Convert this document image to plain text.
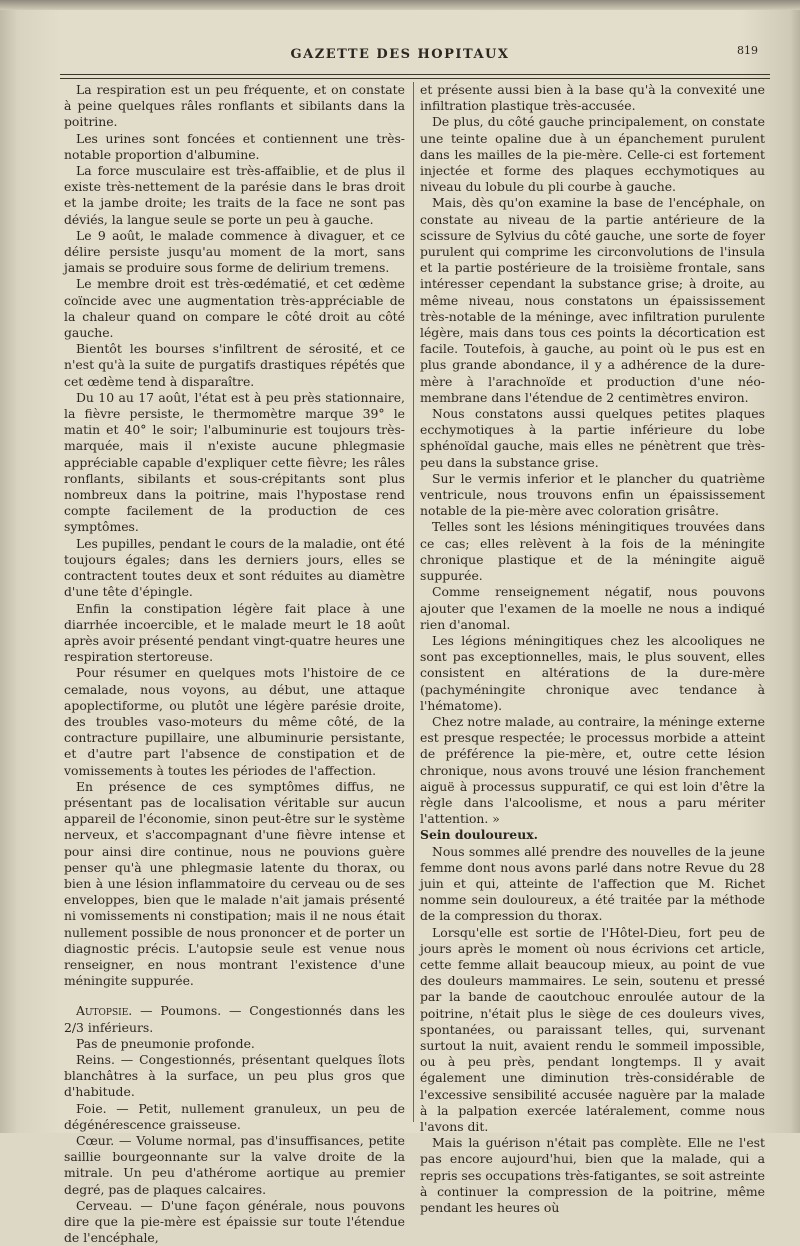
GAZETTE DES HOPITAUX	819

La respiration est un peu fréquente, et on constate à peine quelques râles ronflants et sibilants dans la poitrine.

Les urines sont foncées et contiennent une très-notable proportion d'albumine.

La force musculaire est très-affaiblie, et de plus il existe très-nettement de la parésie dans le bras droit et la jambe droite; les traits de la face ne sont pas déviés, la langue seule se porte un peu à gauche.

Le 9 août, le malade commence à divaguer, et ce délire persiste jusqu'au moment de la mort, sans jamais se produire sous forme de delirium tremens.

Le membre droit est très-œdématié, et cet œdème coïncide avec une augmentation très-appréciable de la chaleur quand on compare le côté droit au côté gauche.

Bientôt les bourses s'infiltrent de sérosité, et ce n'est qu'à la suite de purgatifs drastiques répétés que cet œdème tend à disparaître.

Du 10 au 17 août, l'état est à peu près stationnaire, la fièvre persiste, le thermomètre marque 39° le matin et 40° le soir; l'albuminurie est toujours très-marquée, mais il n'existe aucune phlegmasie appréciable capable d'expliquer cette fièvre; les râles ronflants, sibilants et sous-crépitants sont plus nombreux dans la poitrine, mais l'hypostase rend compte facilement de la production de ces symptômes.

Les pupilles, pendant le cours de la maladie, ont été toujours égales; dans les derniers jours, elles se contractent toutes deux et sont réduites au diamètre d'une tête d'épingle.

Enfin la constipation légère fait place à une diarrhée incoercible, et le malade meurt le 18 août après avoir présenté pendant vingt-quatre heures une respiration stertoreuse.

Pour résumer en quelques mots l'histoire de ce cemalade, nous voyons, au début, une attaque apoplectiforme, ou plutôt une légère parésie droite, des troubles vaso-moteurs du même côté, de la contracture pupillaire, une albuminurie persistante, et d'autre part l'absence de constipation et de vomissements à toutes les périodes de l'affection.

En présence de ces symptômes diffus, ne présentant pas de localisation véritable sur aucun appareil de l'économie, sinon peut-être sur le système nerveux, et s'accompagnant d'une fièvre intense et pour ainsi dire continue, nous ne pouvions guère penser qu'à une phlegmasie latente du thorax, ou bien à une lésion inflammatoire du cerveau ou de ses enveloppes, bien que le malade n'ait jamais présenté ni vomissements ni constipation; mais il ne nous était nullement possible de nous prononcer et de porter un diagnostic précis. L'autopsie seule est venue nous renseigner, en nous montrant l'existence d'une méningite suppurée.

Autopsie. — Poumons. — Congestionnés dans les 2/3 inférieurs.

Pas de pneumonie profonde.

Reins. — Congestionnés, présentant quelques îlots blanchâtres à la surface, un peu plus gros que d'habitude.

Foie. — Petit, nullement granuleux, un peu de dégénérescence graisseuse.

Cœur. — Volume normal, pas d'insuffisances, petite saillie bourgeonnante sur la valve droite de la mitrale. Un peu d'athérome aortique au premier degré, pas de plaques calcaires.

Cerveau. — D'une façon générale, nous pouvons dire que la pie-mère est épaissie sur toute l'étendue de l'encéphale,

et présente aussi bien à la base qu'à la convexité une infiltration plastique très-accusée.

De plus, du côté gauche principalement, on constate une teinte opaline due à un épanchement purulent dans les mailles de la pie-mère. Celle-ci est fortement injectée et forme des plaques ecchymotiques au niveau du lobule du pli courbe à gauche.

Mais, dès qu'on examine la base de l'encéphale, on constate au niveau de la partie antérieure de la scissure de Sylvius du côté gauche, une sorte de foyer purulent qui comprime les circonvolutions de l'insula et la partie postérieure de la troisième frontale, sans intéresser cependant la substance grise; à droite, au même niveau, nous constatons un épaississement très-notable de la méninge, avec infiltration purulente légère, mais dans tous ces points la décortication est facile. Toutefois, à gauche, au point où le pus est en plus grande abondance, il y a adhérence de la dure-mère à l'arachnoïde et production d'une néo-membrane dans l'étendue de 2 centimètres environ.

Nous constatons aussi quelques petites plaques ecchymotiques à la partie inférieure du lobe sphénoïdal gauche, mais elles ne pénètrent que très-peu dans la substance grise.

Sur le vermis inferior et le plancher du quatrième ventricule, nous trouvons enfin un épaississement notable de la pie-mère avec coloration grisâtre.

Telles sont les lésions méningitiques trouvées dans ce cas; elles relèvent à la fois de la méningite chronique plastique et de la méningite aiguë suppurée.

Comme renseignement négatif, nous pouvons ajouter que l'examen de la moelle ne nous a indiqué rien d'anomal.

Les légions méningitiques chez les alcooliques ne sont pas exceptionnelles, mais, le plus souvent, elles consistent en altérations de la dure-mère (pachyméningite chronique avec tendance à l'hématome).

Chez notre malade, au contraire, la méninge externe est presque respectée; le processus morbide a atteint de préférence la pie-mère, et, outre cette lésion chronique, nous avons trouvé une lésion franchement aiguë à processus suppuratif, ce qui est loin d'être la règle dans l'alcoolisme, et nous a paru mériter l'attention. »

Sein douloureux.

Nous sommes allé prendre des nouvelles de la jeune femme dont nous avons parlé dans notre Revue du 28 juin et qui, atteinte de l'affection que M. Richet nomme sein douloureux, a été traitée par la méthode de la compression du thorax.

Lorsqu'elle est sortie de l'Hôtel-Dieu, fort peu de jours après le moment où nous écrivions cet article, cette femme allait beaucoup mieux, au point de vue des douleurs mammaires. Le sein, soutenu et pressé par la bande de caoutchouc enroulée autour de la poitrine, n'était plus le siège de ces douleurs vives, spontanées, ou paraissant telles, qui, survenant surtout la nuit, avaient rendu le sommeil impossible, ou à peu près, pendant longtemps. Il y avait également une diminution très-considérable de l'excessive sensibilité accusée naguère par la malade à la palpation exercée latéralement, comme nous l'avons dit.

Mais la guérison n'était pas complète. Elle ne l'est pas encore aujourd'hui, bien que la malade, qui a repris ses occupations très-fatigantes, se soit astreinte à continuer la compression de la poitrine, même pendant les heures où
